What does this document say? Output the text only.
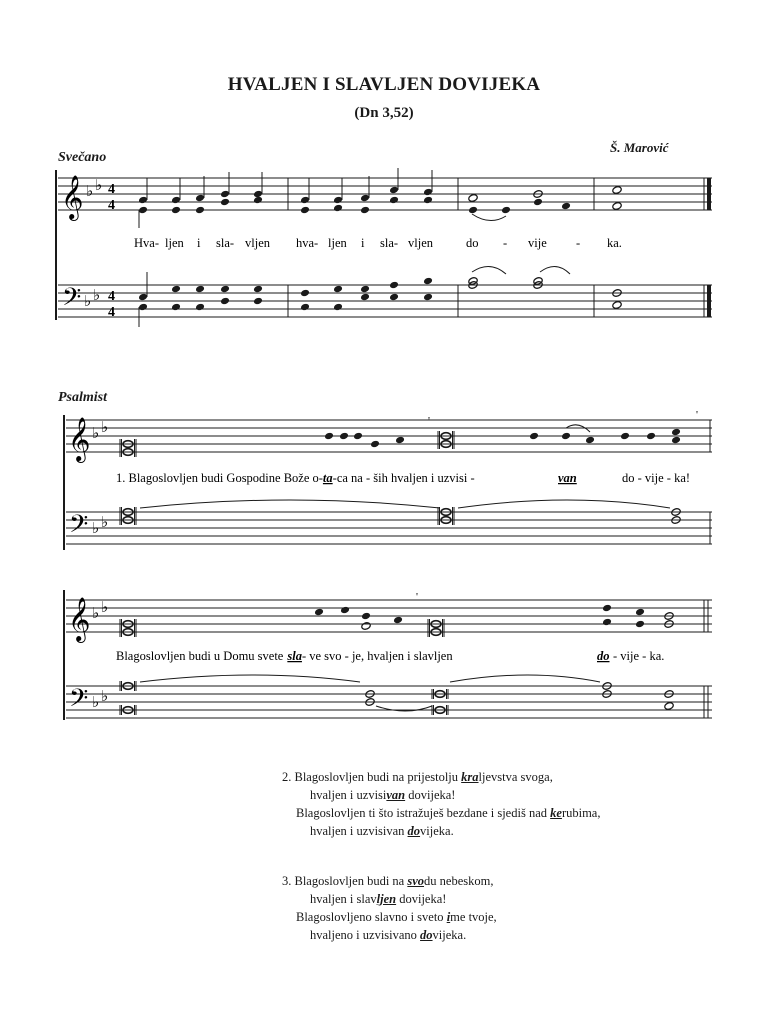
HVALJEN I SLAVLJEN DOVIJEKA
(Dn 3,52)
Š. Marović
Svečano
Psalmist
𝄞
𝄢
♭ ♭
♭ ♭
4
4
4
4
Hva- ljen i sla- vljen hva- ljen i sla- vljen	do - vije - ka.
𝄞
𝄢
♭ ♭
♭ ♭
'	'
1. Blagoslovljen budi Gospodine Bože o-ta-ca na - ših hvaljen i uzvisi -	van	do - vije - ka!
𝄞
𝄢
♭ ♭
♭ ♭
'
Blagoslovljen budi u Domu svete sla- ve svo - je, hvaljen i slavljen	do - vije - ka.
2. Blagoslovljen budi na prijestolju kraljevstva svoga,
hvaljen i uzvisivan dovijeka!
Blagoslovljen ti što istražuješ bezdane i sjediš nad kerubima,
hvaljen i uzvisivan dovijeka.
3. Blagoslovljen budi na svodu nebeskom,
hvaljen i slavljen dovijeka!
Blagoslovljeno slavno i sveto ime tvoje,
hvaljeno i uzvisivano dovijeka.
